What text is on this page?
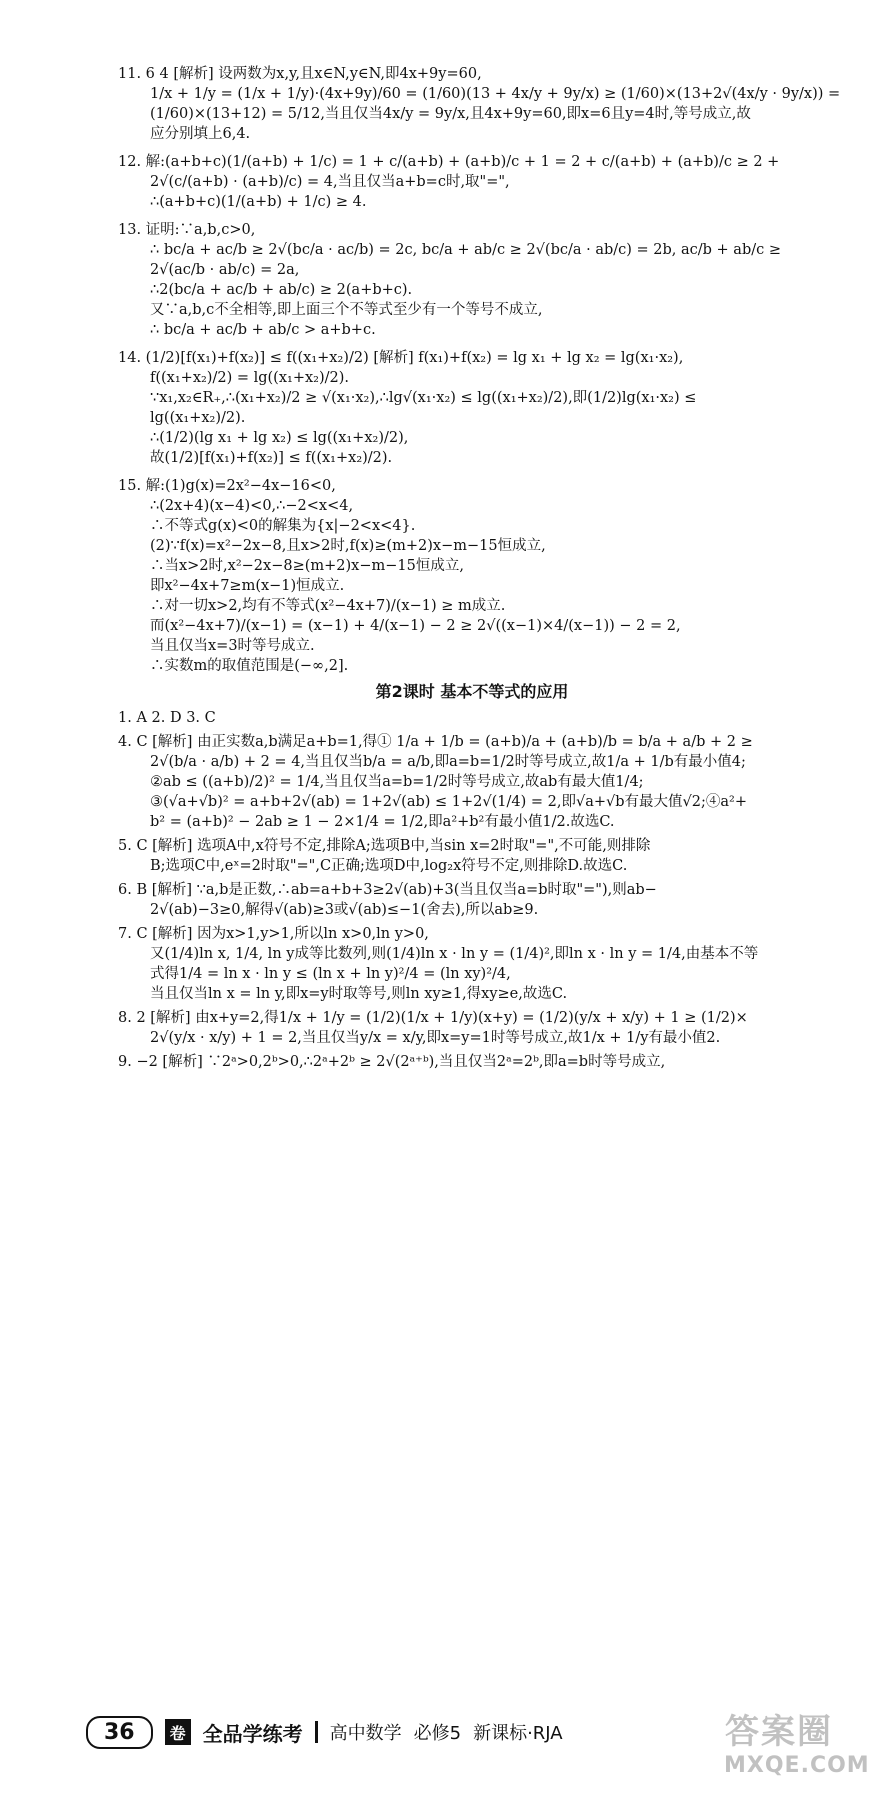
11. 6 4 [解析] 设两数为x,y,且x∈N,y∈N,即4x+9y=60,
1/x + 1/y = (1/x + 1/y)·(4x+9y)/60 = (1/60)(13 + 4x/y + 9y/x) ≥ (1/60)×(13+2√(4x/y · 9y/x)) =
(1/60)×(13+12) = 5/12,当且仅当4x/y = 9y/x,且4x+9y=60,即x=6且y=4时,等号成立,故
应分别填上6,4.
12. 解:(a+b+c)(1/(a+b) + 1/c) = 1 + c/(a+b) + (a+b)/c + 1 = 2 + c/(a+b) + (a+b)/c ≥ 2 +
2√(c/(a+b) · (a+b)/c) = 4,当且仅当a+b=c时,取"=",
∴(a+b+c)(1/(a+b) + 1/c) ≥ 4.
13. 证明:∵a,b,c>0,
∴ bc/a + ac/b ≥ 2√(bc/a · ac/b) = 2c, bc/a + ab/c ≥ 2√(bc/a · ab/c) = 2b, ac/b + ab/c ≥
2√(ac/b · ab/c) = 2a,
∴2(bc/a + ac/b + ab/c) ≥ 2(a+b+c).
又∵a,b,c不全相等,即上面三个不等式至少有一个等号不成立,
∴ bc/a + ac/b + ab/c > a+b+c.
14. (1/2)[f(x₁)+f(x₂)] ≤ f((x₁+x₂)/2) [解析] f(x₁)+f(x₂) = lg x₁ + lg x₂ = lg(x₁·x₂),
f((x₁+x₂)/2) = lg((x₁+x₂)/2).
∵x₁,x₂∈R₊,∴(x₁+x₂)/2 ≥ √(x₁·x₂),∴lg√(x₁·x₂) ≤ lg((x₁+x₂)/2),即(1/2)lg(x₁·x₂) ≤
lg((x₁+x₂)/2).
∴(1/2)(lg x₁ + lg x₂) ≤ lg((x₁+x₂)/2),
故(1/2)[f(x₁)+f(x₂)] ≤ f((x₁+x₂)/2).
15. 解:(1)g(x)=2x²−4x−16<0,
∴(2x+4)(x−4)<0,∴−2<x<4,
∴不等式g(x)<0的解集为{x|−2<x<4}.
(2)∵f(x)=x²−2x−8,且x>2时,f(x)≥(m+2)x−m−15恒成立,
∴当x>2时,x²−2x−8≥(m+2)x−m−15恒成立,
即x²−4x+7≥m(x−1)恒成立.
∴对一切x>2,均有不等式(x²−4x+7)/(x−1) ≥ m成立.
而(x²−4x+7)/(x−1) = (x−1) + 4/(x−1) − 2 ≥ 2√((x−1)×4/(x−1)) − 2 = 2,
当且仅当x=3时等号成立.
∴实数m的取值范围是(−∞,2].
第2课时 基本不等式的应用
1. A 2. D 3. C
4. C [解析] 由正实数a,b满足a+b=1,得① 1/a + 1/b = (a+b)/a + (a+b)/b = b/a + a/b + 2 ≥
2√(b/a · a/b) + 2 = 4,当且仅当b/a = a/b,即a=b=1/2时等号成立,故1/a + 1/b有最小值4;
②ab ≤ ((a+b)/2)² = 1/4,当且仅当a=b=1/2时等号成立,故ab有最大值1/4;
③(√a+√b)² = a+b+2√(ab) = 1+2√(ab) ≤ 1+2√(1/4) = 2,即√a+√b有最大值√2;④a²+
b² = (a+b)² − 2ab ≥ 1 − 2×1/4 = 1/2,即a²+b²有最小值1/2.故选C.
5. C [解析] 选项A中,x符号不定,排除A;选项B中,当sin x=2时取"=",不可能,则排除
B;选项C中,eˣ=2时取"=",C正确;选项D中,log₂x符号不定,则排除D.故选C.
6. B [解析] ∵a,b是正数,∴ab=a+b+3≥2√(ab)+3(当且仅当a=b时取"="),则ab−
2√(ab)−3≥0,解得√(ab)≥3或√(ab)≤−1(舍去),所以ab≥9.
7. C [解析] 因为x>1,y>1,所以ln x>0,ln y>0,
又(1/4)ln x, 1/4, ln y成等比数列,则(1/4)ln x · ln y = (1/4)²,即ln x · ln y = 1/4,由基本不等
式得1/4 = ln x · ln y ≤ (ln x + ln y)²/4 = (ln xy)²/4,
当且仅当ln x = ln y,即x=y时取等号,则ln xy≥1,得xy≥e,故选C.
8. 2 [解析] 由x+y=2,得1/x + 1/y = (1/2)(1/x + 1/y)(x+y) = (1/2)(y/x + x/y) + 1 ≥ (1/2)×
2√(y/x · x/y) + 1 = 2,当且仅当y/x = x/y,即x=y=1时等号成立,故1/x + 1/y有最小值2.
9. −2 [解析] ∵2ᵃ>0,2ᵇ>0,∴2ᵃ+2ᵇ ≥ 2√(2ᵃ⁺ᵇ),当且仅当2ᵃ=2ᵇ,即a=b时等号成立,
36	卷 全品学练考 高中数学 必修5 新课标·RJA	答案圈
MXQE.COM
